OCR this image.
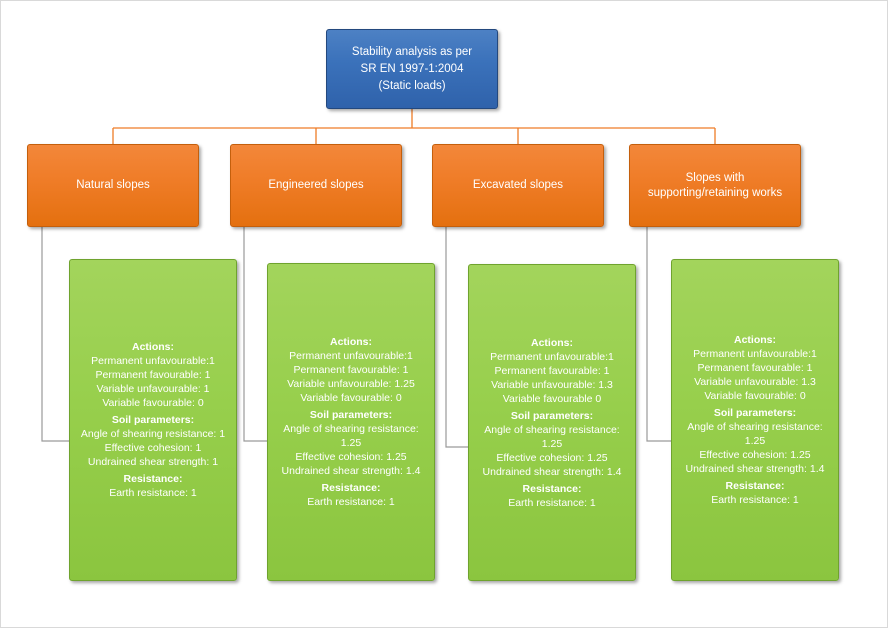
Stability analysis as per
SR EN 1997-1:2004
(Static loads)
Natural slopes	Engineered slopes	Excavated slopes
Slopes with supporting/retaining works
Actions:
Permanent unfavourable:1
Permanent favourable: 1
Variable unfavourable: 1
Variable favourable: 0
Soil parameters:
Angle of shearing resistance: 1
Effective cohesion: 1
Undrained shear strength: 1
Resistance:
Earth resistance: 1
Actions:
Permanent unfavourable:1
Permanent favourable: 1
Variable unfavourable: 1.25
Variable favourable: 0
Soil parameters:
Angle of shearing resistance: 1.25
Effective cohesion: 1.25
Undrained shear strength: 1.4
Resistance:
Earth resistance: 1
Actions:
Permanent unfavourable:1
Permanent favourable: 1
Variable unfavourable: 1.3
Variable favourable 0
Soil parameters:
Angle of shearing resistance: 1.25
Effective cohesion: 1.25
Undrained shear strength: 1.4
Resistance:
Earth resistance: 1
Actions:
Permanent unfavourable:1
Permanent favourable: 1
Variable unfavourable: 1.3
Variable favourable: 0
Soil parameters:
Angle of shearing resistance: 1.25
Effective cohesion: 1.25
Undrained shear strength: 1.4
Resistance:
Earth resistance: 1
